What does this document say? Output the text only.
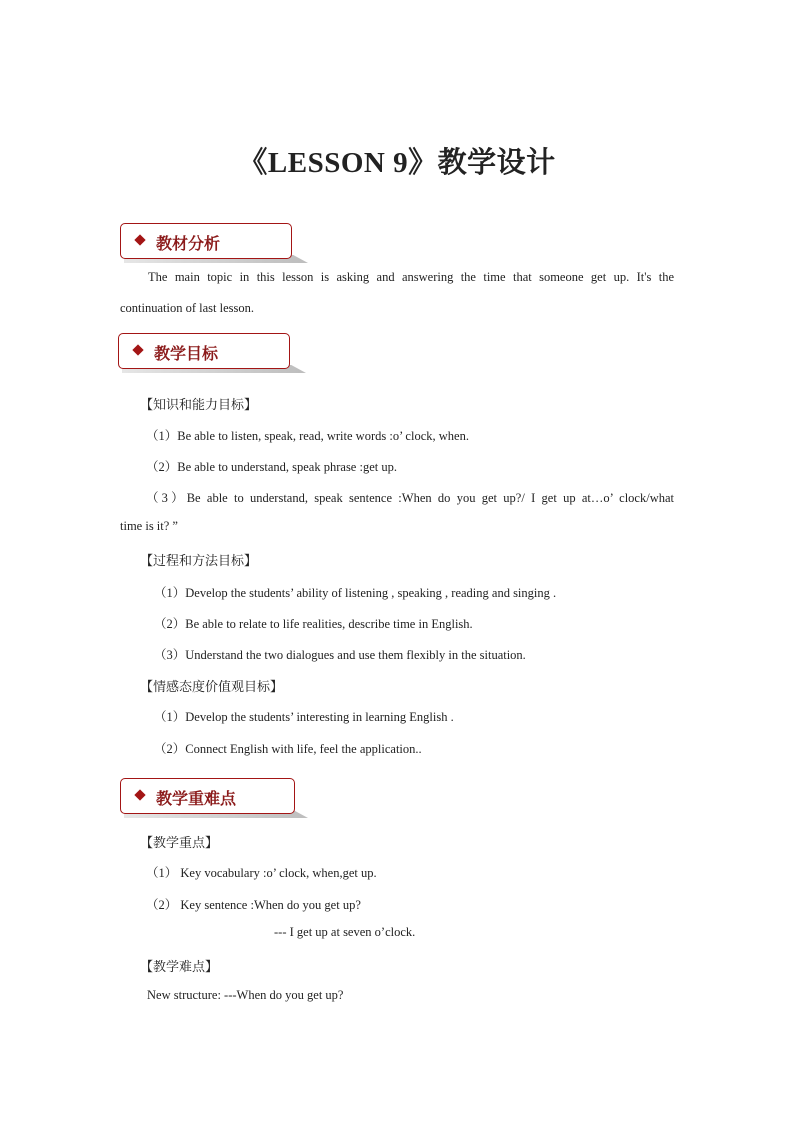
《LESSON 9》教学设计
教材分析
The main topic in this lesson is asking and answering the time that someone get up. It's the
continuation of last lesson.
教学目标
【知识和能力目标】
（1）Be able to listen, speak, read, write words :o’ clock, when.
（2）Be able to understand, speak phrase :get up.
（3）Be able to understand, speak sentence :When do you get up?/ I get up at…o’ clock/what
time is it? ”
【过程和方法目标】
（1）Develop the students’ ability of listening , speaking , reading and singing .
（2）Be able to relate to life realities, describe time in English.
（3）Understand the two dialogues and use them flexibly in the situation.
【情感态度价值观目标】
（1）Develop the students’ interesting in learning English .
（2）Connect English with life, feel the application..
教学重难点
【教学重点】
（1） Key vocabulary :o’ clock, when,get up.
（2） Key sentence :When do you get up?
--- I get up at seven o’clock.
【教学难点】
New structure: ---When do you get up?
